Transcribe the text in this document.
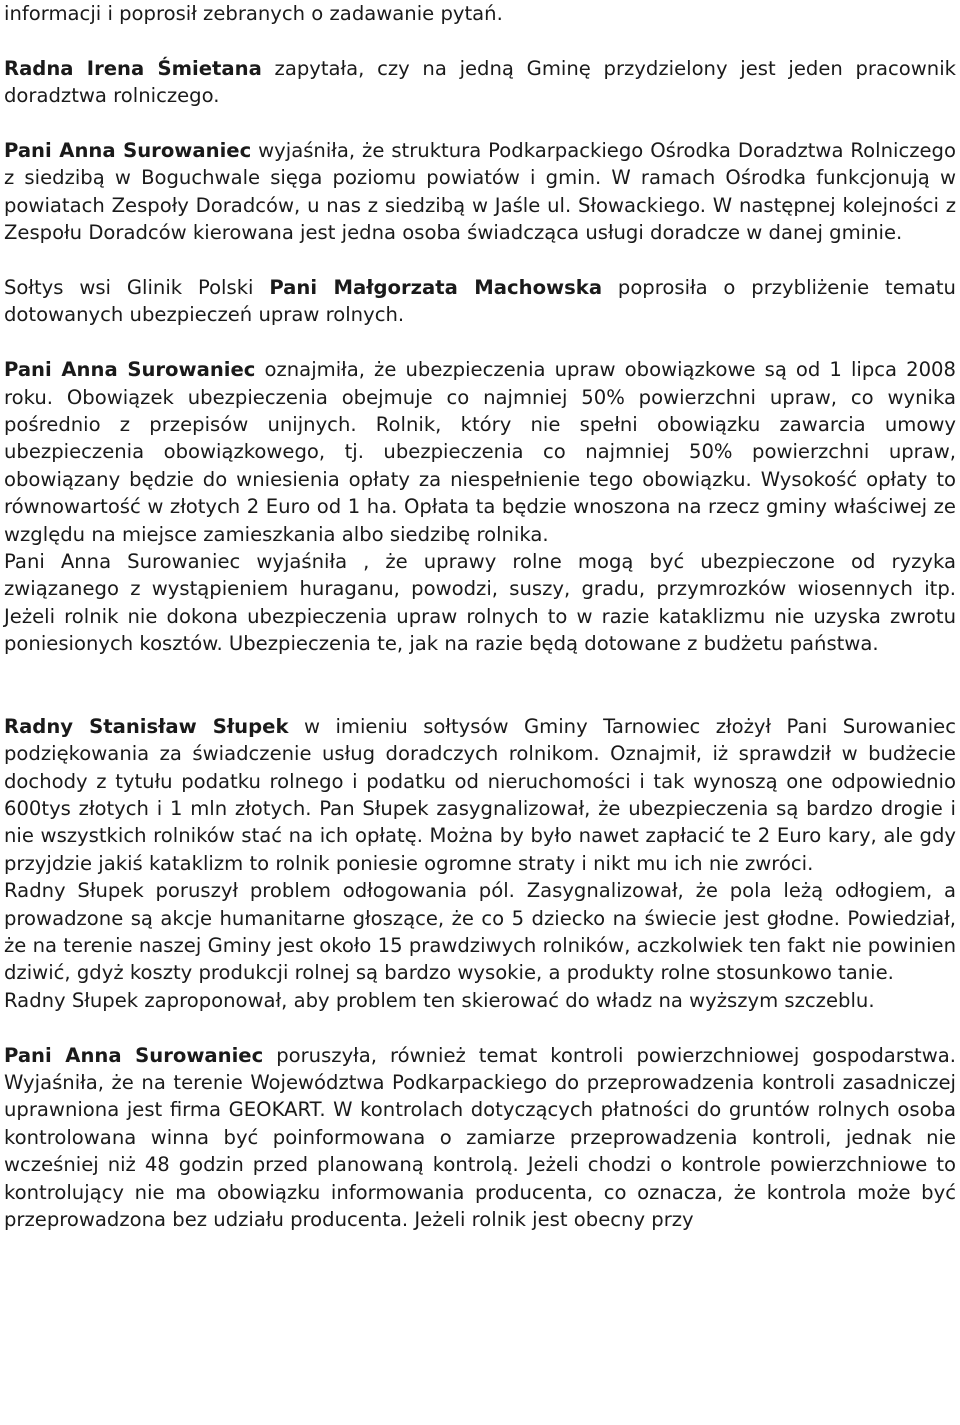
informacji i poprosił zebranych o zadawanie pytań.

Radna Irena Śmietana zapytała, czy na jedną Gminę przydzielony jest jeden pracownik doradztwa rolniczego.

Pani Anna Surowaniec wyjaśniła, że struktura Podkarpackiego Ośrodka Doradztwa Rolniczego z siedzibą w Boguchwale sięga poziomu powiatów i gmin. W ramach Ośrodka funkcjonują w powiatach Zespoły Doradców, u nas z siedzibą w Jaśle ul. Słowackiego. W następnej kolejności z Zespołu Doradców kierowana jest jedna osoba świadcząca usługi doradcze w danej gminie.

Sołtys wsi Glinik Polski Pani Małgorzata Machowska poprosiła o przybliżenie tematu dotowanych ubezpieczeń upraw rolnych.

Pani Anna Surowaniec oznajmiła, że ubezpieczenia upraw obowiązkowe są od 1 lipca 2008 roku. Obowiązek ubezpieczenia obejmuje co najmniej 50% powierzchni upraw, co wynika pośrednio z przepisów unijnych. Rolnik, który nie spełni obowiązku zawarcia umowy ubezpieczenia obowiązkowego, tj. ubezpieczenia co najmniej 50% powierzchni upraw, obowiązany będzie do wniesienia opłaty za niespełnienie tego obowiązku. Wysokość opłaty to równowartość w złotych 2 Euro od 1 ha. Opłata ta będzie wnoszona na rzecz gminy właściwej ze względu na miejsce zamieszkania albo siedzibę rolnika.

Pani Anna Surowaniec wyjaśniła , że uprawy rolne mogą być ubezpieczone od ryzyka związanego z wystąpieniem huraganu, powodzi, suszy, gradu, przymrozków wiosennych itp. Jeżeli rolnik nie dokona ubezpieczenia upraw rolnych to w razie kataklizmu nie uzyska zwrotu poniesionych kosztów. Ubezpieczenia te, jak na razie będą dotowane z budżetu państwa.

Radny Stanisław Słupek w imieniu sołtysów Gminy Tarnowiec złożył Pani Surowaniec podziękowania za świadczenie usług doradczych rolnikom. Oznajmił, iż sprawdził w budżecie dochody z tytułu podatku rolnego i podatku od nieruchomości i tak wynoszą one odpowiednio 600tys złotych i 1 mln złotych. Pan Słupek zasygnalizował, że ubezpieczenia są bardzo drogie i nie wszystkich rolników stać na ich opłatę. Można by było nawet zapłacić te 2 Euro kary, ale gdy przyjdzie jakiś kataklizm to rolnik poniesie ogromne straty i nikt mu ich nie zwróci.

Radny Słupek poruszył problem odłogowania pól. Zasygnalizował, że pola leżą odłogiem, a prowadzone są akcje humanitarne głoszące, że co 5 dziecko na świecie jest głodne. Powiedział, że na terenie naszej Gminy jest około 15 prawdziwych rolników, aczkolwiek ten fakt nie powinien dziwić, gdyż koszty produkcji rolnej są bardzo wysokie, a produkty rolne stosunkowo tanie.

Radny Słupek zaproponował, aby problem ten skierować do władz na wyższym szczeblu.

Pani Anna Surowaniec poruszyła, również temat kontroli powierzchniowej gospodarstwa. Wyjaśniła, że na terenie Województwa Podkarpackiego do przeprowadzenia kontroli zasadniczej uprawniona jest firma GEOKART. W kontrolach dotyczących płatności do gruntów rolnych osoba kontrolowana winna być poinformowana o zamiarze przeprowadzenia kontroli, jednak nie wcześniej niż 48 godzin przed planowaną kontrolą. Jeżeli chodzi o kontrole powierzchniowe to kontrolujący nie ma obowiązku informowania producenta, co oznacza, że kontrola może być przeprowadzona bez udziału producenta. Jeżeli rolnik jest obecny przy
